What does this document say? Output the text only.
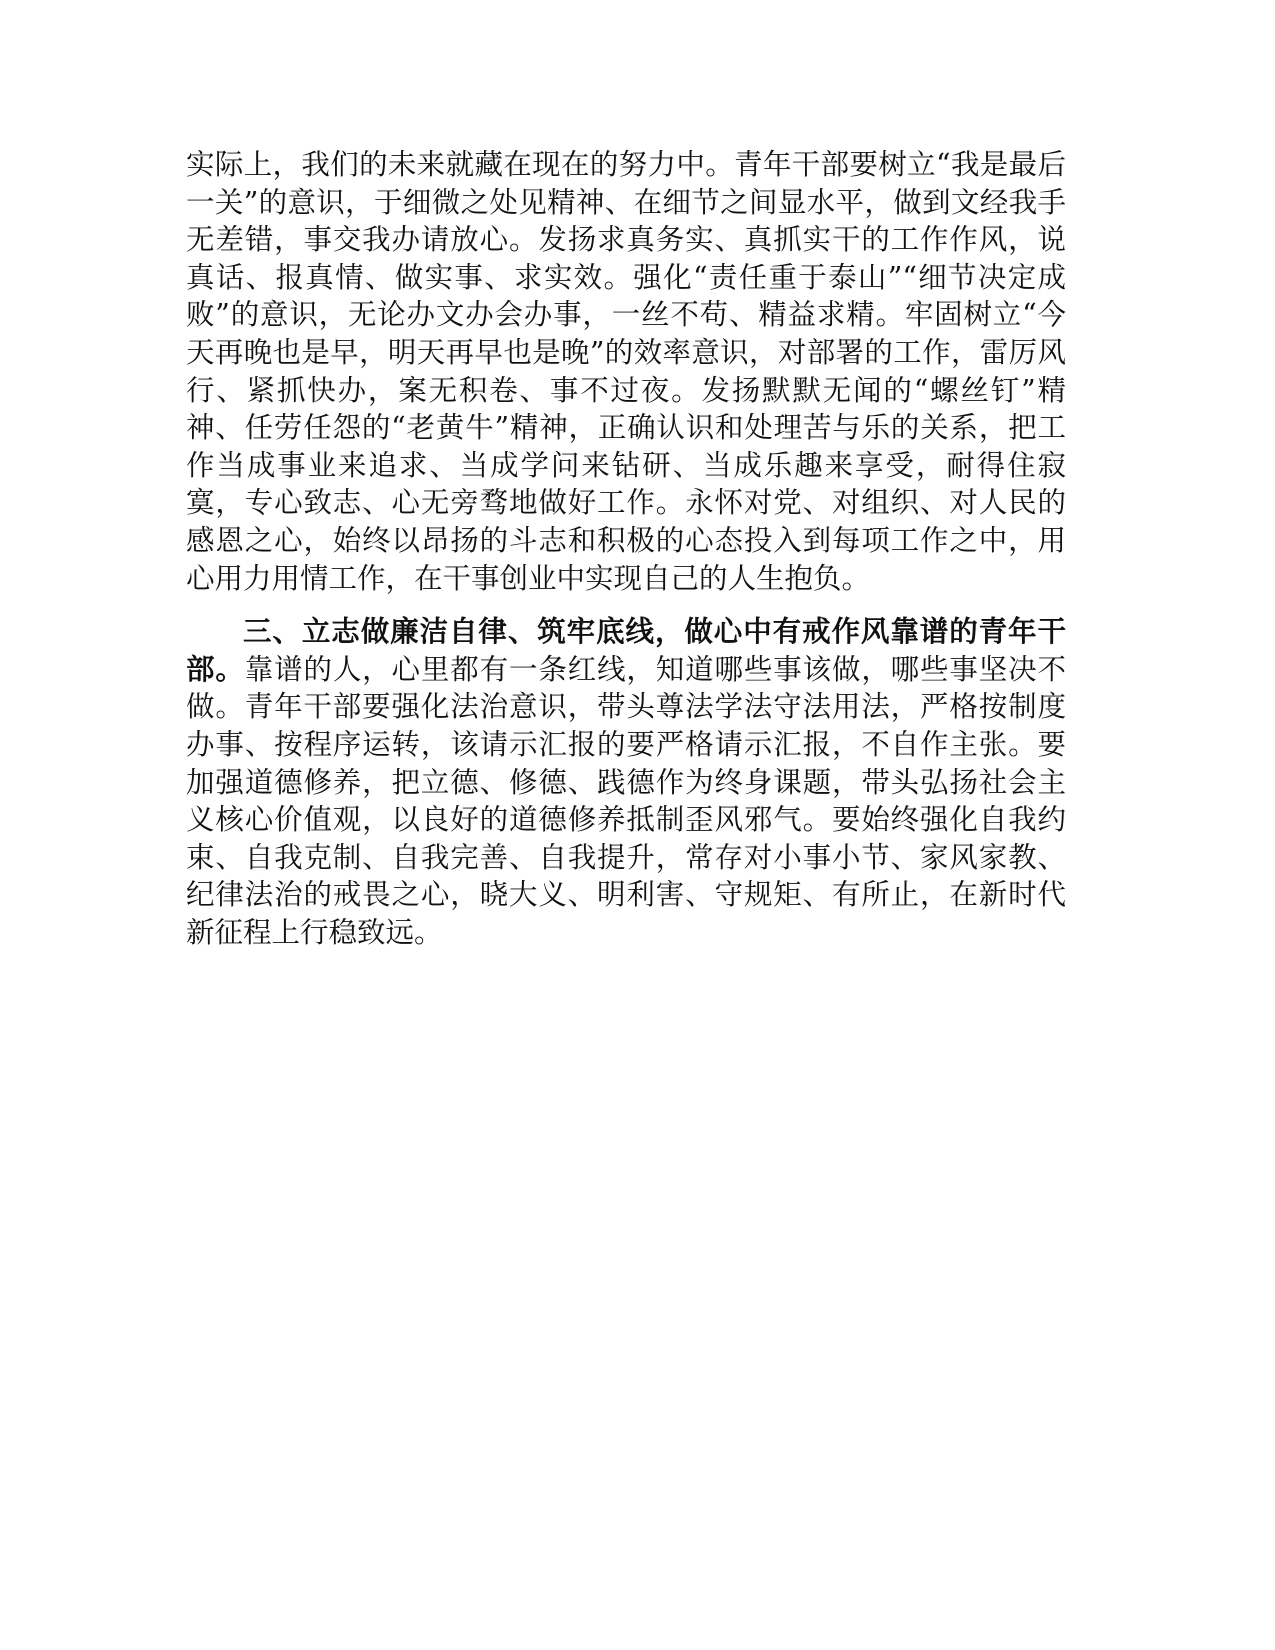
实际上，我们的未来就藏在现在的努力中。青年干部要树立“我是最后一关”的意识，于细微之处见精神、在细节之间显水平，做到文经我手无差错，事交我办请放心。发扬求真务实、真抓实干的工作作风，说真话、报真情、做实事、求实效。强化“责任重于泰山”“细节决定成败”的意识，无论办文办会办事，一丝不苟、精益求精。牢固树立“今天再晚也是早，明天再早也是晚”的效率意识，对部署的工作，雷厉风行、紧抓快办，案无积卷、事不过夜。发扬默默无闻的“螺丝钉”精神、任劳任怨的“老黄牛”精神，正确认识和处理苦与乐的关系，把工作当成事业来追求、当成学问来钻研、当成乐趣来享受，耐得住寂寞，专心致志、心无旁骛地做好工作。永怀对党、对组织、对人民的感恩之心，始终以昂扬的斗志和积极的心态投入到每项工作之中，用心用力用情工作，在干事创业中实现自己的人生抱负。

三、立志做廉洁自律、筑牢底线，做心中有戒作风靠谱的青年干部。靠谱的人，心里都有一条红线，知道哪些事该做，哪些事坚决不做。青年干部要强化法治意识，带头尊法学法守法用法，严格按制度办事、按程序运转，该请示汇报的要严格请示汇报，不自作主张。要加强道德修养，把立德、修德、践德作为终身课题，带头弘扬社会主义核心价值观，以良好的道德修养抵制歪风邪气。要始终强化自我约束、自我克制、自我完善、自我提升，常存对小事小节、家风家教、纪律法治的戒畏之心，晓大义、明利害、守规矩、有所止，在新时代新征程上行稳致远。
